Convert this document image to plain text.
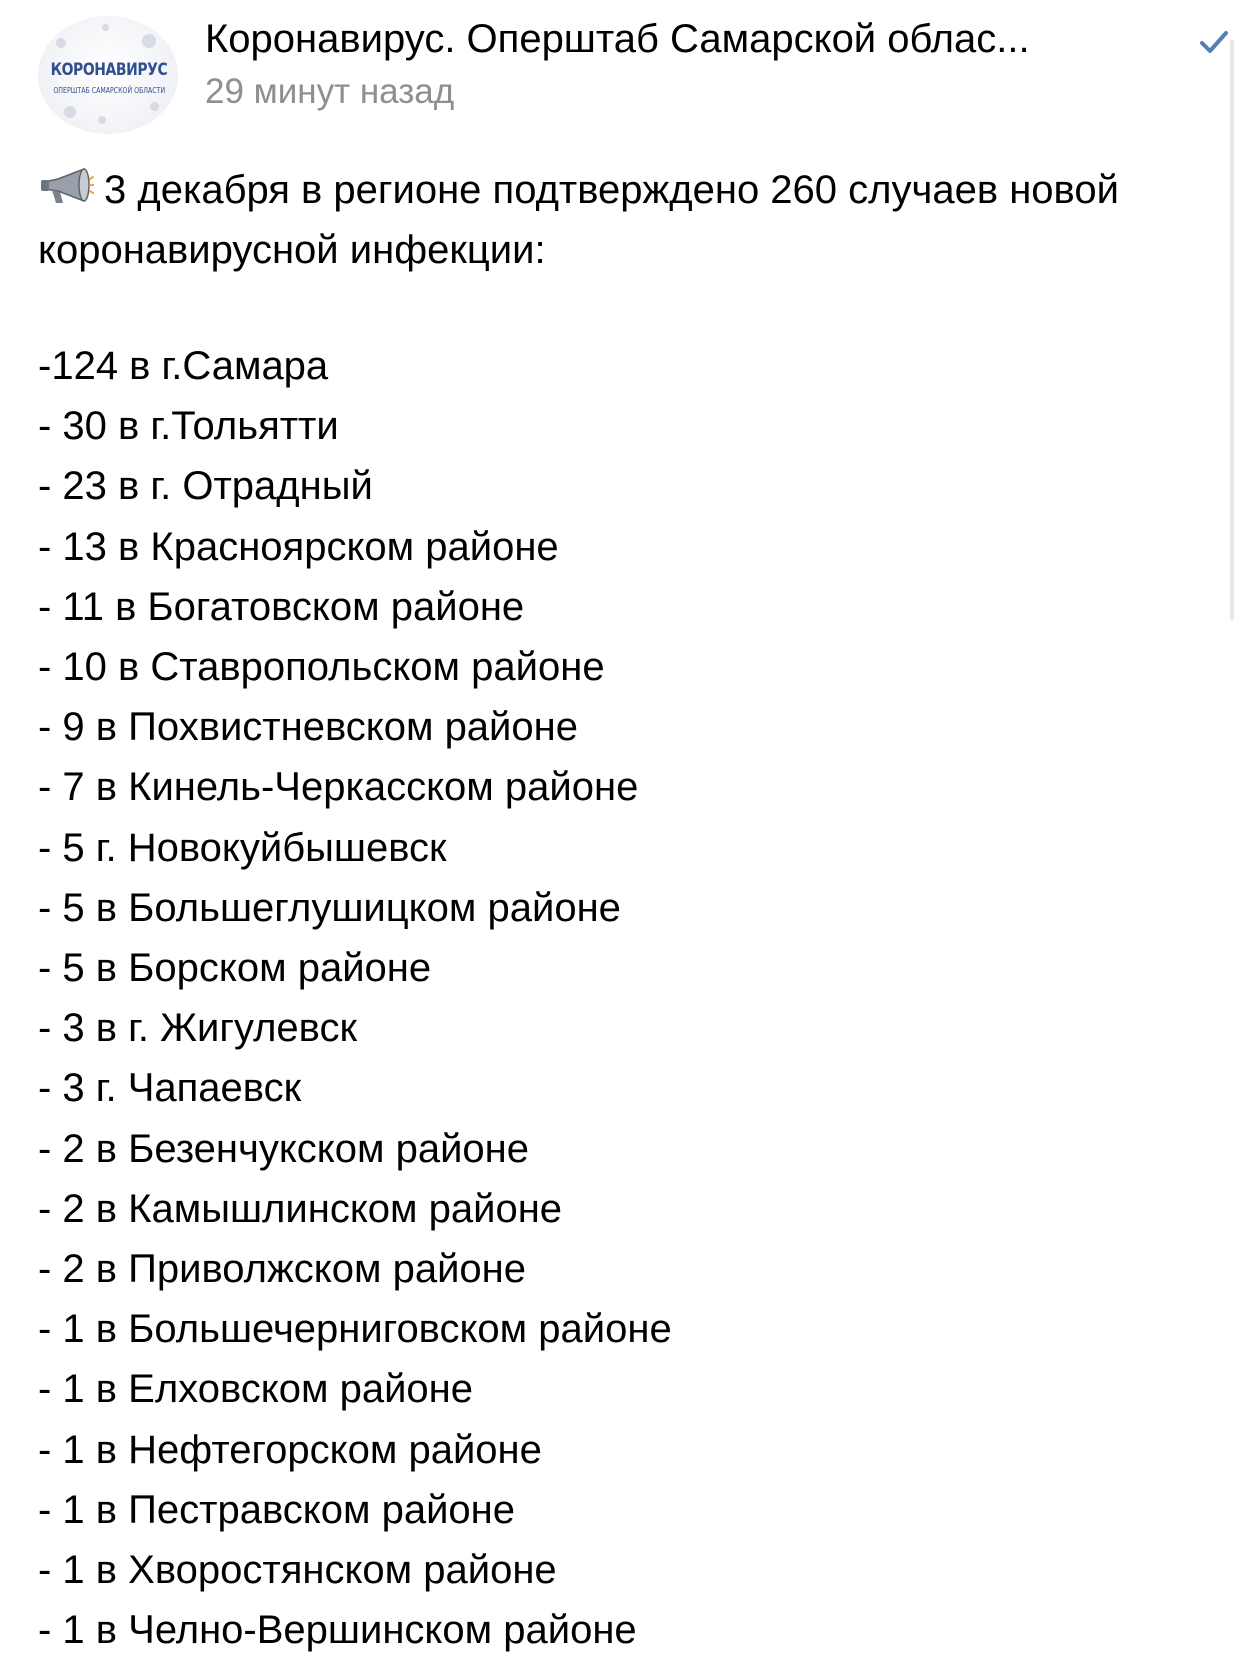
КОРОНАВИРУС
ОПЕРШТАБ САМАРСКОЙ ОБЛАСТИ
Коронавирус. Оперштаб Самарской облас...
29 минут назад
3 декабря в регионе подтверждено 260 случаев новой коронавирусной инфекции:
-124 в г.Самара
- 30 в г.Тольятти
- 23 в г. Отрадный
- 13 в Красноярском районе
- 11 в Богатовском районе
- 10 в Ставропольском районе
- 9 в Похвистневском районе
- 7 в Кинель-Черкасском районе
- 5 г. Новокуйбышевск
- 5 в Большеглушицком районе
- 5 в Борском районе
- 3 в г. Жигулевск
- 3 г. Чапаевск
- 2 в Безенчукском районе
- 2 в Камышлинском районе
- 2 в Приволжском районе
- 1 в Большечерниговском районе
- 1 в Елховском районе
- 1 в Нефтегорском районе
- 1 в Пестравском районе
- 1 в Хворостянском районе
- 1 в Челно-Вершинском районе
